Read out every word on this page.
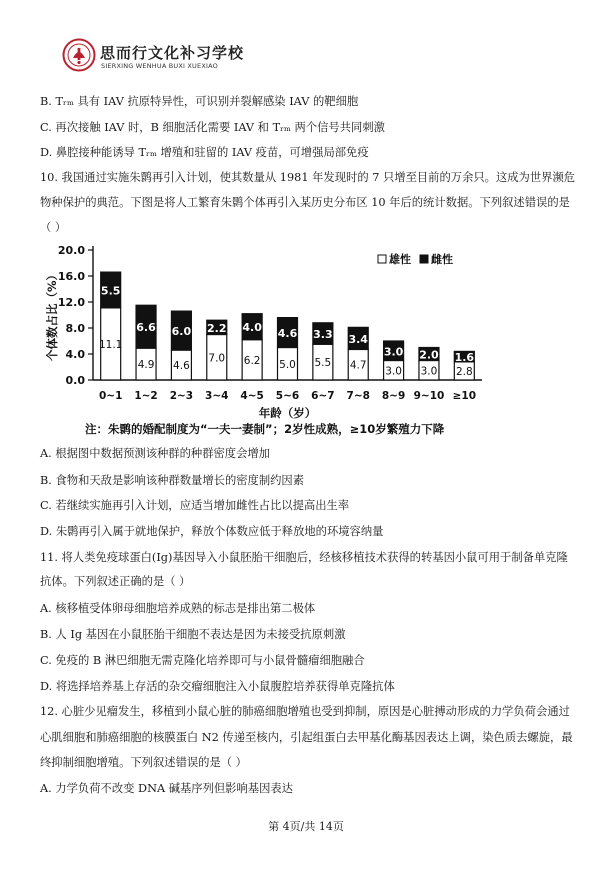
思而行文化补习学校
SIERXING WENHUA BUXI XUEXIAO
B. Tᵣₘ 具有 IAV 抗原特异性，可识别并裂解感染 IAV 的靶细胞
C. 再次接触 IAV 时，B 细胞活化需要 IAV 和 Tᵣₘ 两个信号共同刺激
D. 鼻腔接种能诱导 Tᵣₘ 增殖和驻留的 IAV 疫苗，可增强局部免疫
10. 我国通过实施朱鹮再引入计划，使其数量从 1981 年发现时的 7 只增至目前的万余只。这成为世界濒危
物种保护的典范。下图是将人工繁育朱鹮个体再引入某历史分布区 10 年后的统计数据。下列叙述错误的是
（ ）
0.0
4.0
8.0
12.0
16.0
20.0
11.1
5.5
0~1
4.9
6.6
1~2
4.6
6.0
2~3
7.0
2.2
3~4
6.2
4.0
4~5
5.0
4.6
5~6
5.5
3.3
6~7
4.7
3.4
7~8
3.0
3.0
8~9
3.0
2.0
9~10
2.8
1.6
≥10
个体数占比（%）
年龄（岁）
注：朱鹮的婚配制度为“一夫一妻制”；2岁性成熟，≥10岁繁殖力下降
雄性 雌性
A. 根据图中数据预测该种群的种群密度会增加
B. 食物和天敌是影响该种群数量增长的密度制约因素
C. 若继续实施再引入计划，应适当增加雌性占比以提高出生率
D. 朱鹮再引入属于就地保护，释放个体数应低于释放地的环境容纳量
11. 将人类免疫球蛋白(Ig)基因导入小鼠胚胎干细胞后，经核移植技术获得的转基因小鼠可用于制备单克隆
抗体。下列叙述正确的是（ ）
A. 核移植受体卵母细胞培养成熟的标志是排出第二极体
B. 人 Ig 基因在小鼠胚胎干细胞不表达是因为未接受抗原刺激
C. 免疫的 B 淋巴细胞无需克隆化培养即可与小鼠骨髓瘤细胞融合
D. 将选择培养基上存活的杂交瘤细胞注入小鼠腹腔培养获得单克隆抗体
12. 心脏少见瘤发生，移植到小鼠心脏的肺癌细胞增殖也受到抑制，原因是心脏搏动形成的力学负荷会通过
心肌细胞和肺癌细胞的核膜蛋白 N2 传递至核内，引起组蛋白去甲基化酶基因表达上调，染色质去螺旋，最
终抑制细胞增殖。下列叙述错误的是（ ）
A. 力学负荷不改变 DNA 碱基序列但影响基因表达
第 4页/共 14页
